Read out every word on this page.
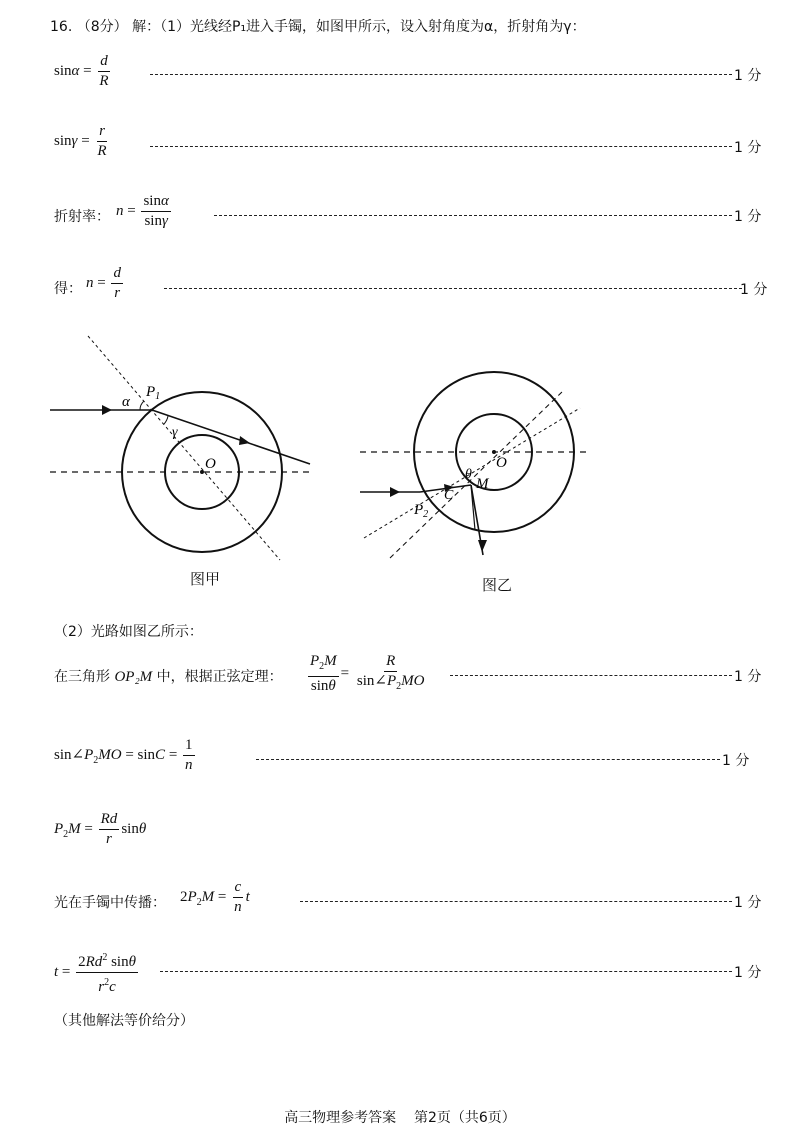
16. （8分） 解：（1）光线经P₁进入手镯，如图甲所示，设入射角度为α，折射角为γ：
$\sin\alpha = \frac{d}{R}$	1 分
$\sin\gamma = \frac{r}{R}$	1 分
折射率： $n = \frac{\sin\alpha}{\sin\gamma}$	1 分
得： $n = \frac{d}{r}$	1 分
α
$P_1$
γ
O
图甲
O
θ
M
C
$P_2$
图乙
（2）光路如图乙所示：
在三角形 OP₂M 中，根据正弦定理： $\frac{P_2M}{\sin\theta} = \frac{R}{\sin\angle P_2MO}$	1 分
$\sin\angle P_2MO = \sin C = \frac{1}{n}$	1 分
$P_2M = \frac{Rd}{r}$ sinθ
光在手镯中传播： $2P_2M = \frac{c}{n}$ t	1 分
$t = \frac{2Rd^2 \sin\theta}{r^2c}$	1 分
（其他解法等价给分）
高三物理参考答案    第2页（共6页）
